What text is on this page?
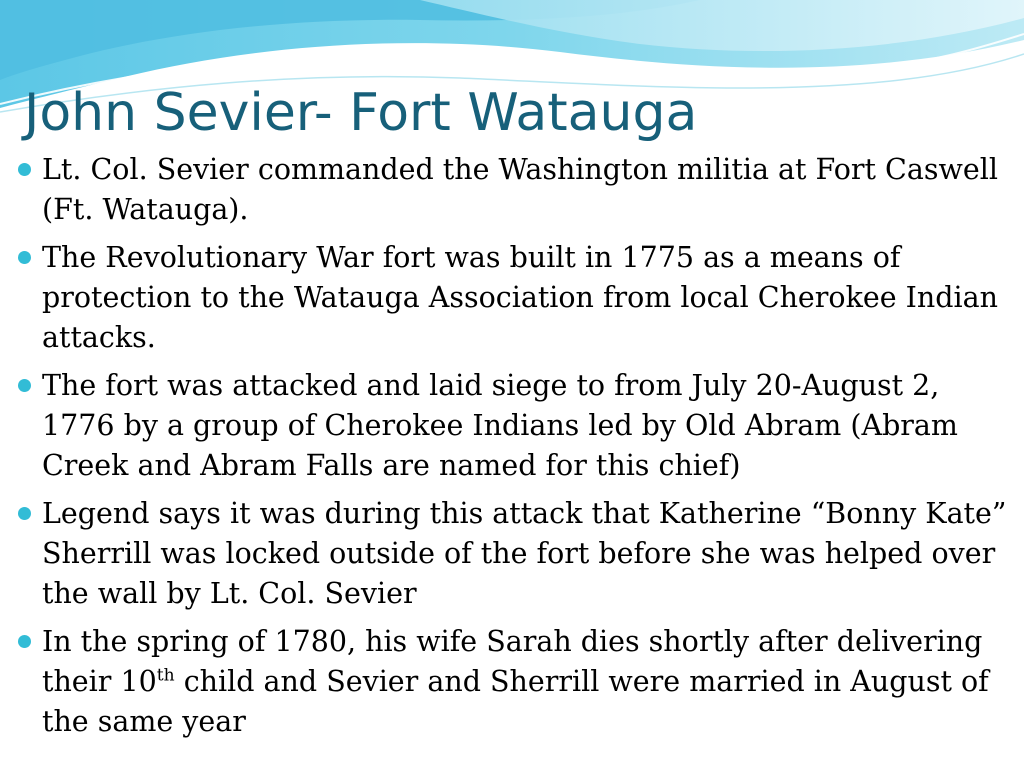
John Sevier- Fort Watauga
Lt. Col. Sevier commanded the Washington militia at Fort Caswell (Ft. Watauga).
The Revolutionary War fort was built in 1775 as a means of protection to the Watauga Association from local Cherokee Indian attacks.
The fort was attacked and laid siege to from July 20-August 2, 1776 by a group of Cherokee Indians led by Old Abram (Abram Creek and Abram Falls are named for this chief)
Legend says it was during this attack that Katherine “Bonny Kate” Sherrill was locked outside of the fort before she was helped over the wall by Lt. Col. Sevier
In the spring of 1780, his wife Sarah dies shortly after delivering their 10th child and Sevier and Sherrill were married in August of the same year
